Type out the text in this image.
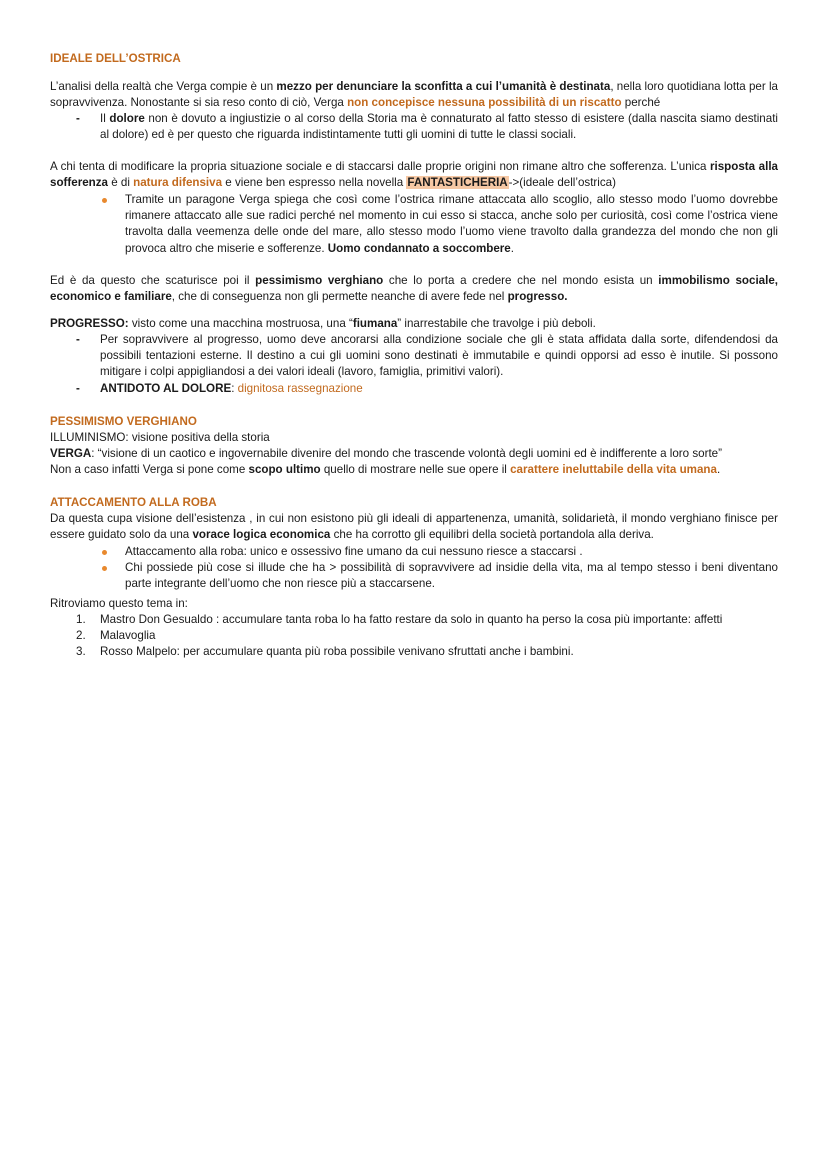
IDEALE DELL’OSTRICA
L’analisi della realtà che Verga compie è un mezzo per denunciare la sconfitta a cui l’umanità è destinata, nella loro quotidiana lotta per la sopravvivenza. Nonostante si sia reso conto di ciò, Verga non concepisce nessuna possibilità di un riscatto perché
- Il dolore non è dovuto a ingiustizie o al corso della Storia ma è connaturato al fatto stesso di esistere (dalla nascita siamo destinati al dolore) ed è per questo che riguarda indistintamente tutti gli uomini di tutte le classi sociali.
A chi tenta di modificare la propria situazione sociale e di staccarsi dalle proprie origini non rimane altro che sofferenza. L’unica risposta alla sofferenza è di natura difensiva e viene ben espresso nella novella FANTASTICHERIA->(ideale dell’ostrica)
Tramite un paragone Verga spiega che così come l’ostrica rimane attaccata allo scoglio, allo stesso modo l’uomo dovrebbe rimanere attaccato alle sue radici perché nel momento in cui esso si stacca, anche solo per curiosità, così come l’ostrica viene travolta dalla veemenza delle onde del mare, allo stesso modo l’uomo viene travolto dalla grandezza del mondo che non gli provoca altro che miserie e sofferenze. Uomo condannato a soccombere.
Ed è da questo che scaturisce poi il pessimismo verghiano che lo porta a credere che nel mondo esista un immobilismo sociale, economico e familiare, che di conseguenza non gli permette neanche di avere fede nel progresso.
PROGRESSO: visto come una macchina mostruosa, una “fiumana” inarrestabile che travolge i più deboli.
- Per sopravvivere al progresso, uomo deve ancorarsi alla condizione sociale che gli è stata affidata dalla sorte, difendendosi da possibili tentazioni esterne. Il destino a cui gli uomini sono destinati è immutabile e quindi opporsi ad esso è inutile. Si possono mitigare i colpi appigliandosi a dei valori ideali (lavoro, famiglia, primitivi valori).
- ANTIDOTO AL DOLORE: dignitosa rassegnazione
PESSIMISMO VERGHIANO
ILLUMINISMO: visione positiva della storia
VERGA: “visione di un caotico e ingovernabile divenire del mondo che trascende volontà degli uomini ed è indifferente a loro sorte”
Non a caso infatti Verga si pone come scopo ultimo quello di mostrare nelle sue opere il carattere ineluttabile della vita umana.
ATTACCAMENTO ALLA ROBA
Da questa cupa visione dell’esistenza , in cui non esistono più gli ideali di appartenenza, umanità, solidarietà, il mondo verghiano finisce per essere guidato solo da una vorace logica economica che ha corrotto gli equilibri della società portandola alla deriva.
Attaccamento alla roba: unico e ossessivo fine umano da cui nessuno riesce a staccarsi .
Chi possiede più cose si illude che ha > possibilità di sopravvivere ad insidie della vita, ma al tempo stesso i beni diventano parte integrante dell’uomo che non riesce più a staccarsene.
Ritroviamo questo tema in:
1. Mastro Don Gesualdo : accumulare tanta roba lo ha fatto restare da solo in quanto ha perso la cosa più importante: affetti
2. Malavoglia
3. Rosso Malpelo: per accumulare quanta più roba possibile venivano sfruttati anche i bambini.
